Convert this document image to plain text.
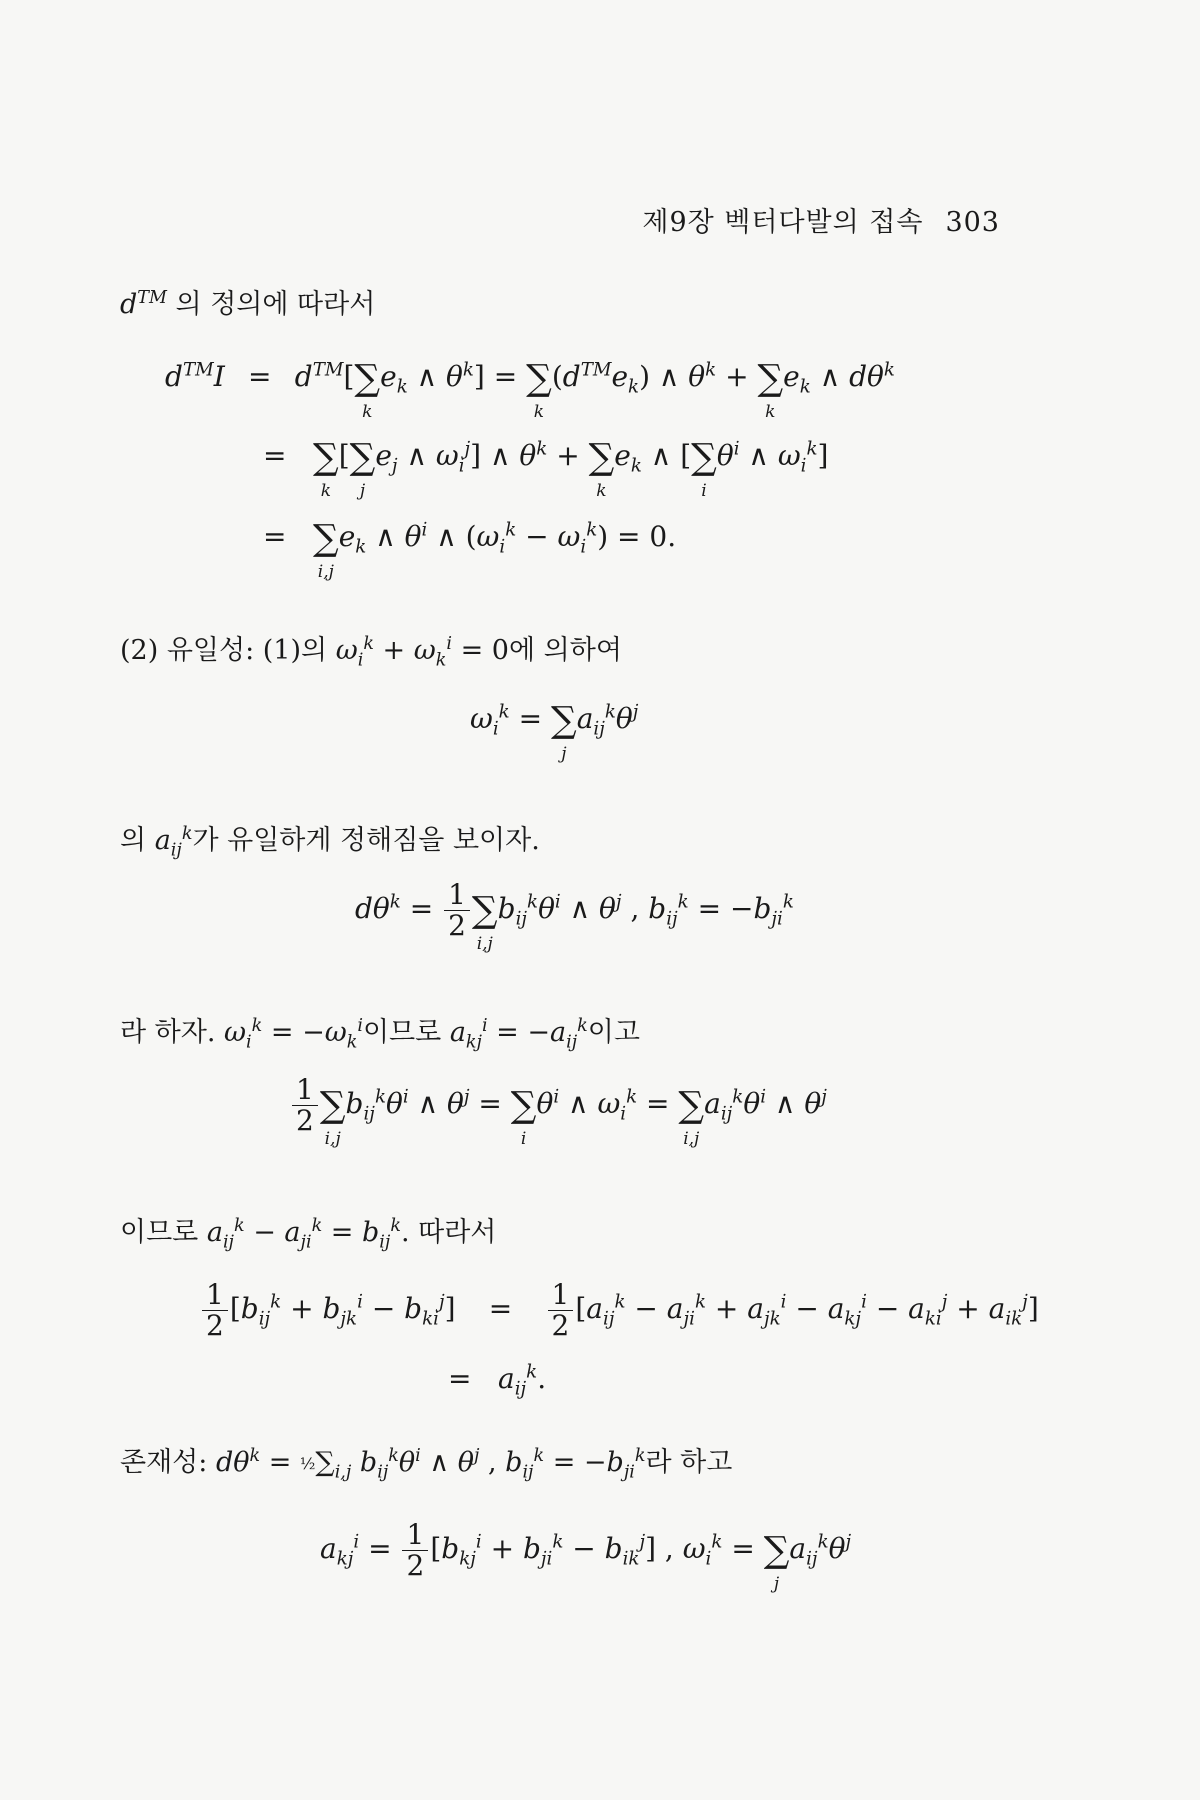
제9장 벡터다발의 접속 303
d™ 의 정의에 따라서
d™I = d™[∑
k
$e_k$ ∧ $\theta^k$] = ∑
k
$(d™e_k)$ ∧ $\theta^k$ + ∑
k
$e_k$ ∧ $d\theta^k$
= ∑
k
[∑
j
$e_j$ ∧ $\omega_i^j$] ∧ $\theta^k$ + ∑
k
$e_k$ ∧ [∑
i
$\theta^i$ ∧ $\omega_i^k$]
= ∑
i,j
$e_k$ ∧ $\theta^i$ ∧ $(\omega_i^k - \omega_i^k) = 0$.
(2) 유일성: (1)의 $\omega_i^k + \omega_k^i = 0$에 의하여
$\omega_i^k$ = ∑
j
$a_{ij}^k\theta^j$
의 $a_{ij}^k$가 유일하게 정해짐을 보이자.
$d\theta^k = \frac{1}{2}$ ∑
i,j
$b_{ij}^k\theta^i$ ∧ $\theta^j$ , $b_{ij}^k = -b_{ji}^k$
라 하자. $\omega_i^k = -\omega_k^i$이므로 $a_{kj}^i = -a_{ij}^k$이고
$\frac{1}{2}$ ∑
i,j
$b_{ij}^k\theta^i$ ∧ $\theta^j$ = ∑
i
$\theta^i$ ∧ $\omega_i^k$ = ∑
i,j
$a_{ij}^k\theta^i$ ∧ $\theta^j$
이므로 $a_{ij}^k - a_{ji}^k = b_{ij}^k$. 따라서
$\frac{1}{2} [b_{ij}^k + b_{jk}^i - b_{ki}^j] = \frac{1}{2} [a_{ij}^k - a_{ji}^k + a_{jk}^i - a_{kj}^i - a_{ki}^j + a_{ik}^j]$
= $a_{ij}^k$.
존재성: $d\theta^k$ = $\frac{1}{2}\sum_{i,j}$ $b_{ij}^k\theta^i$ ∧ $\theta^j$ , $b_{ij}^k = -b_{ji}^k$라 하고
$a_{kj}^i = \frac{1}{2} [b_{kj}^i + b_{ji}^k - b_{ik}^j]$ , $\omega_i^k$ = ∑
j
$a_{ij}^k\theta^j$
